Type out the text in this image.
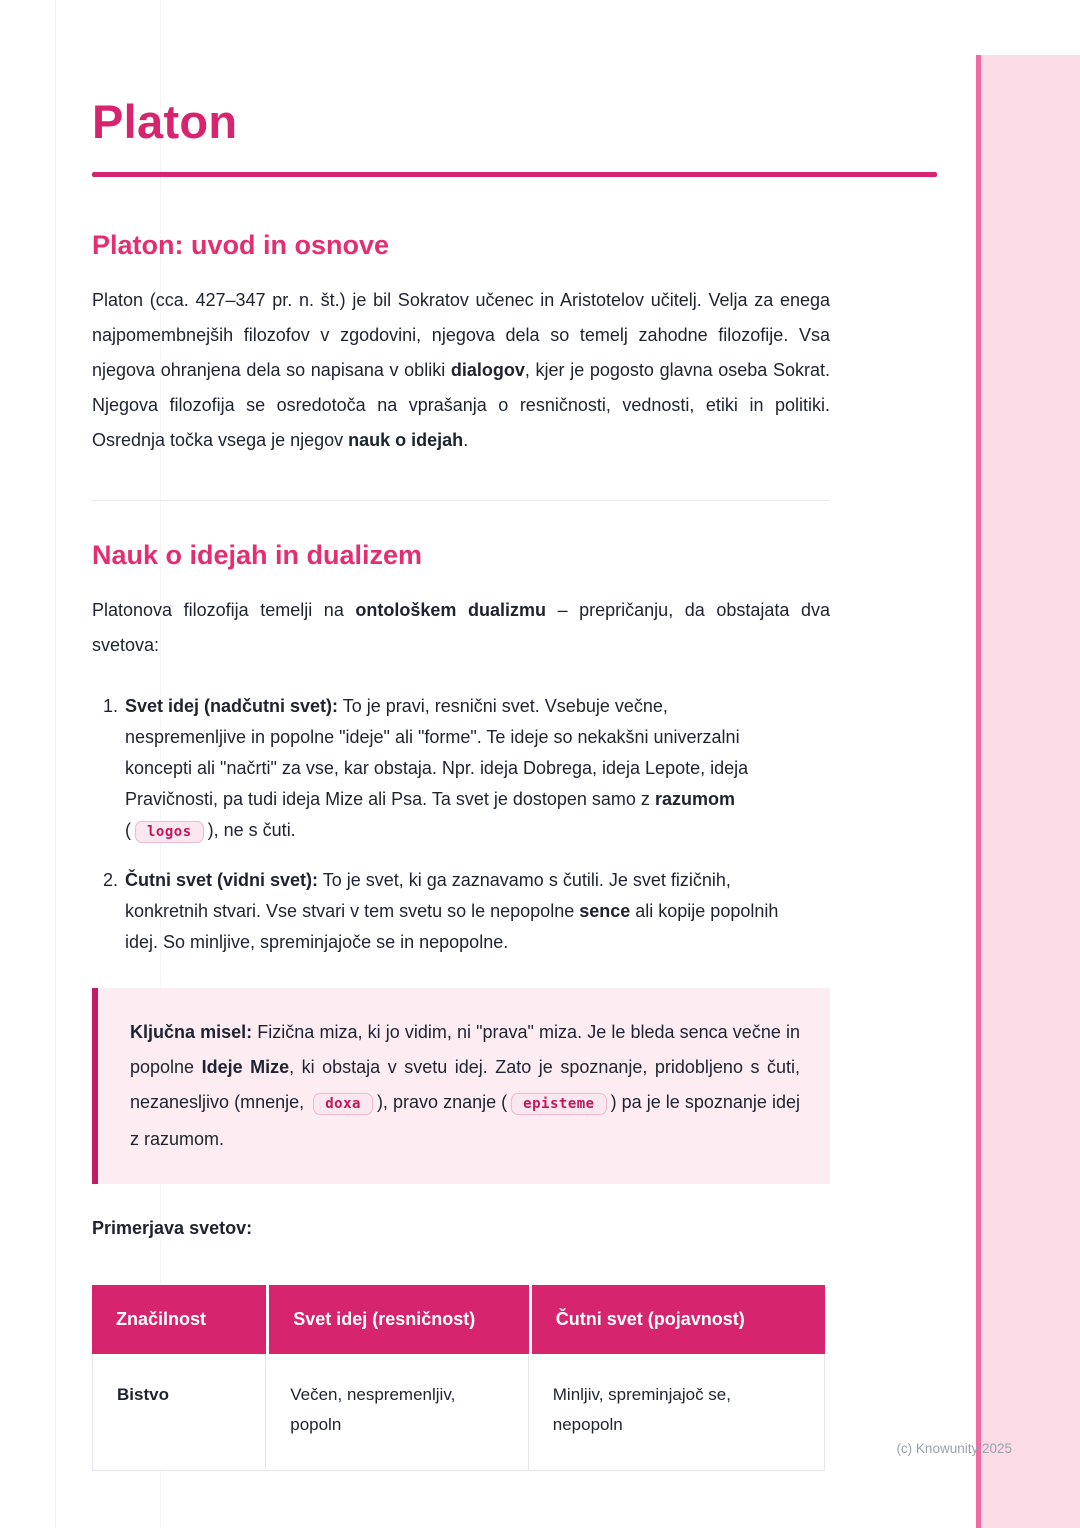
Platon
Platon: uvod in osnove

Platon (cca. 427–347 pr. n. št.) je bil Sokratov učenec in Aristotelov učitelj. Velja za enega najpomembnejših filozofov v zgodovini, njegova dela so temelj zahodne filozofije. Vsa njegova ohranjena dela so napisana v obliki dialogov, kjer je pogosto glavna oseba Sokrat. Njegova filozofija se osredotoča na vprašanja o resničnosti, vednosti, etiki in politiki. Osrednja točka vsega je njegov nauk o idejah.

Nauk o idejah in dualizem

Platonova filozofija temelji na ontološkem dualizmu – prepričanju, da obstajata dva svetova:

1. Svet idej (nadčutni svet): To je pravi, resnični svet. Vsebuje večne, nespremenljive in popolne "ideje" ali "forme". Te ideje so nekakšni univerzalni koncepti ali "načrti" za vse, kar obstaja. Npr. ideja Dobrega, ideja Lepote, ideja Pravičnosti, pa tudi ideja Mize ali Psa. Ta svet je dostopen samo z razumom ( logos ), ne s čuti.
2. Čutni svet (vidni svet): To je svet, ki ga zaznavamo s čutili. Je svet fizičnih, konkretnih stvari. Vse stvari v tem svetu so le nepopolne sence ali kopije popolnih idej. So minljive, spreminjajoče se in nepopolne.
Ključna misel: Fizična miza, ki jo vidim, ni "prava" miza. Je le bleda senca večne in popolne Ideje Mize, ki obstaja v svetu idej. Zato je spoznanje, pridobljeno s čuti, nezanesljivo (mnenje, doxa ), pravo znanje ( episteme ) pa je le spoznanje idej z razumom.

Primerjava svetov:

Značilnost	Svet idej (resničnost)	Čutni svet (pojavnost)
Bistvo	Večen, nespremenljiv, popoln	Minljiv, spreminjajoč se, nepopoln
(c) Knowunity 2025
